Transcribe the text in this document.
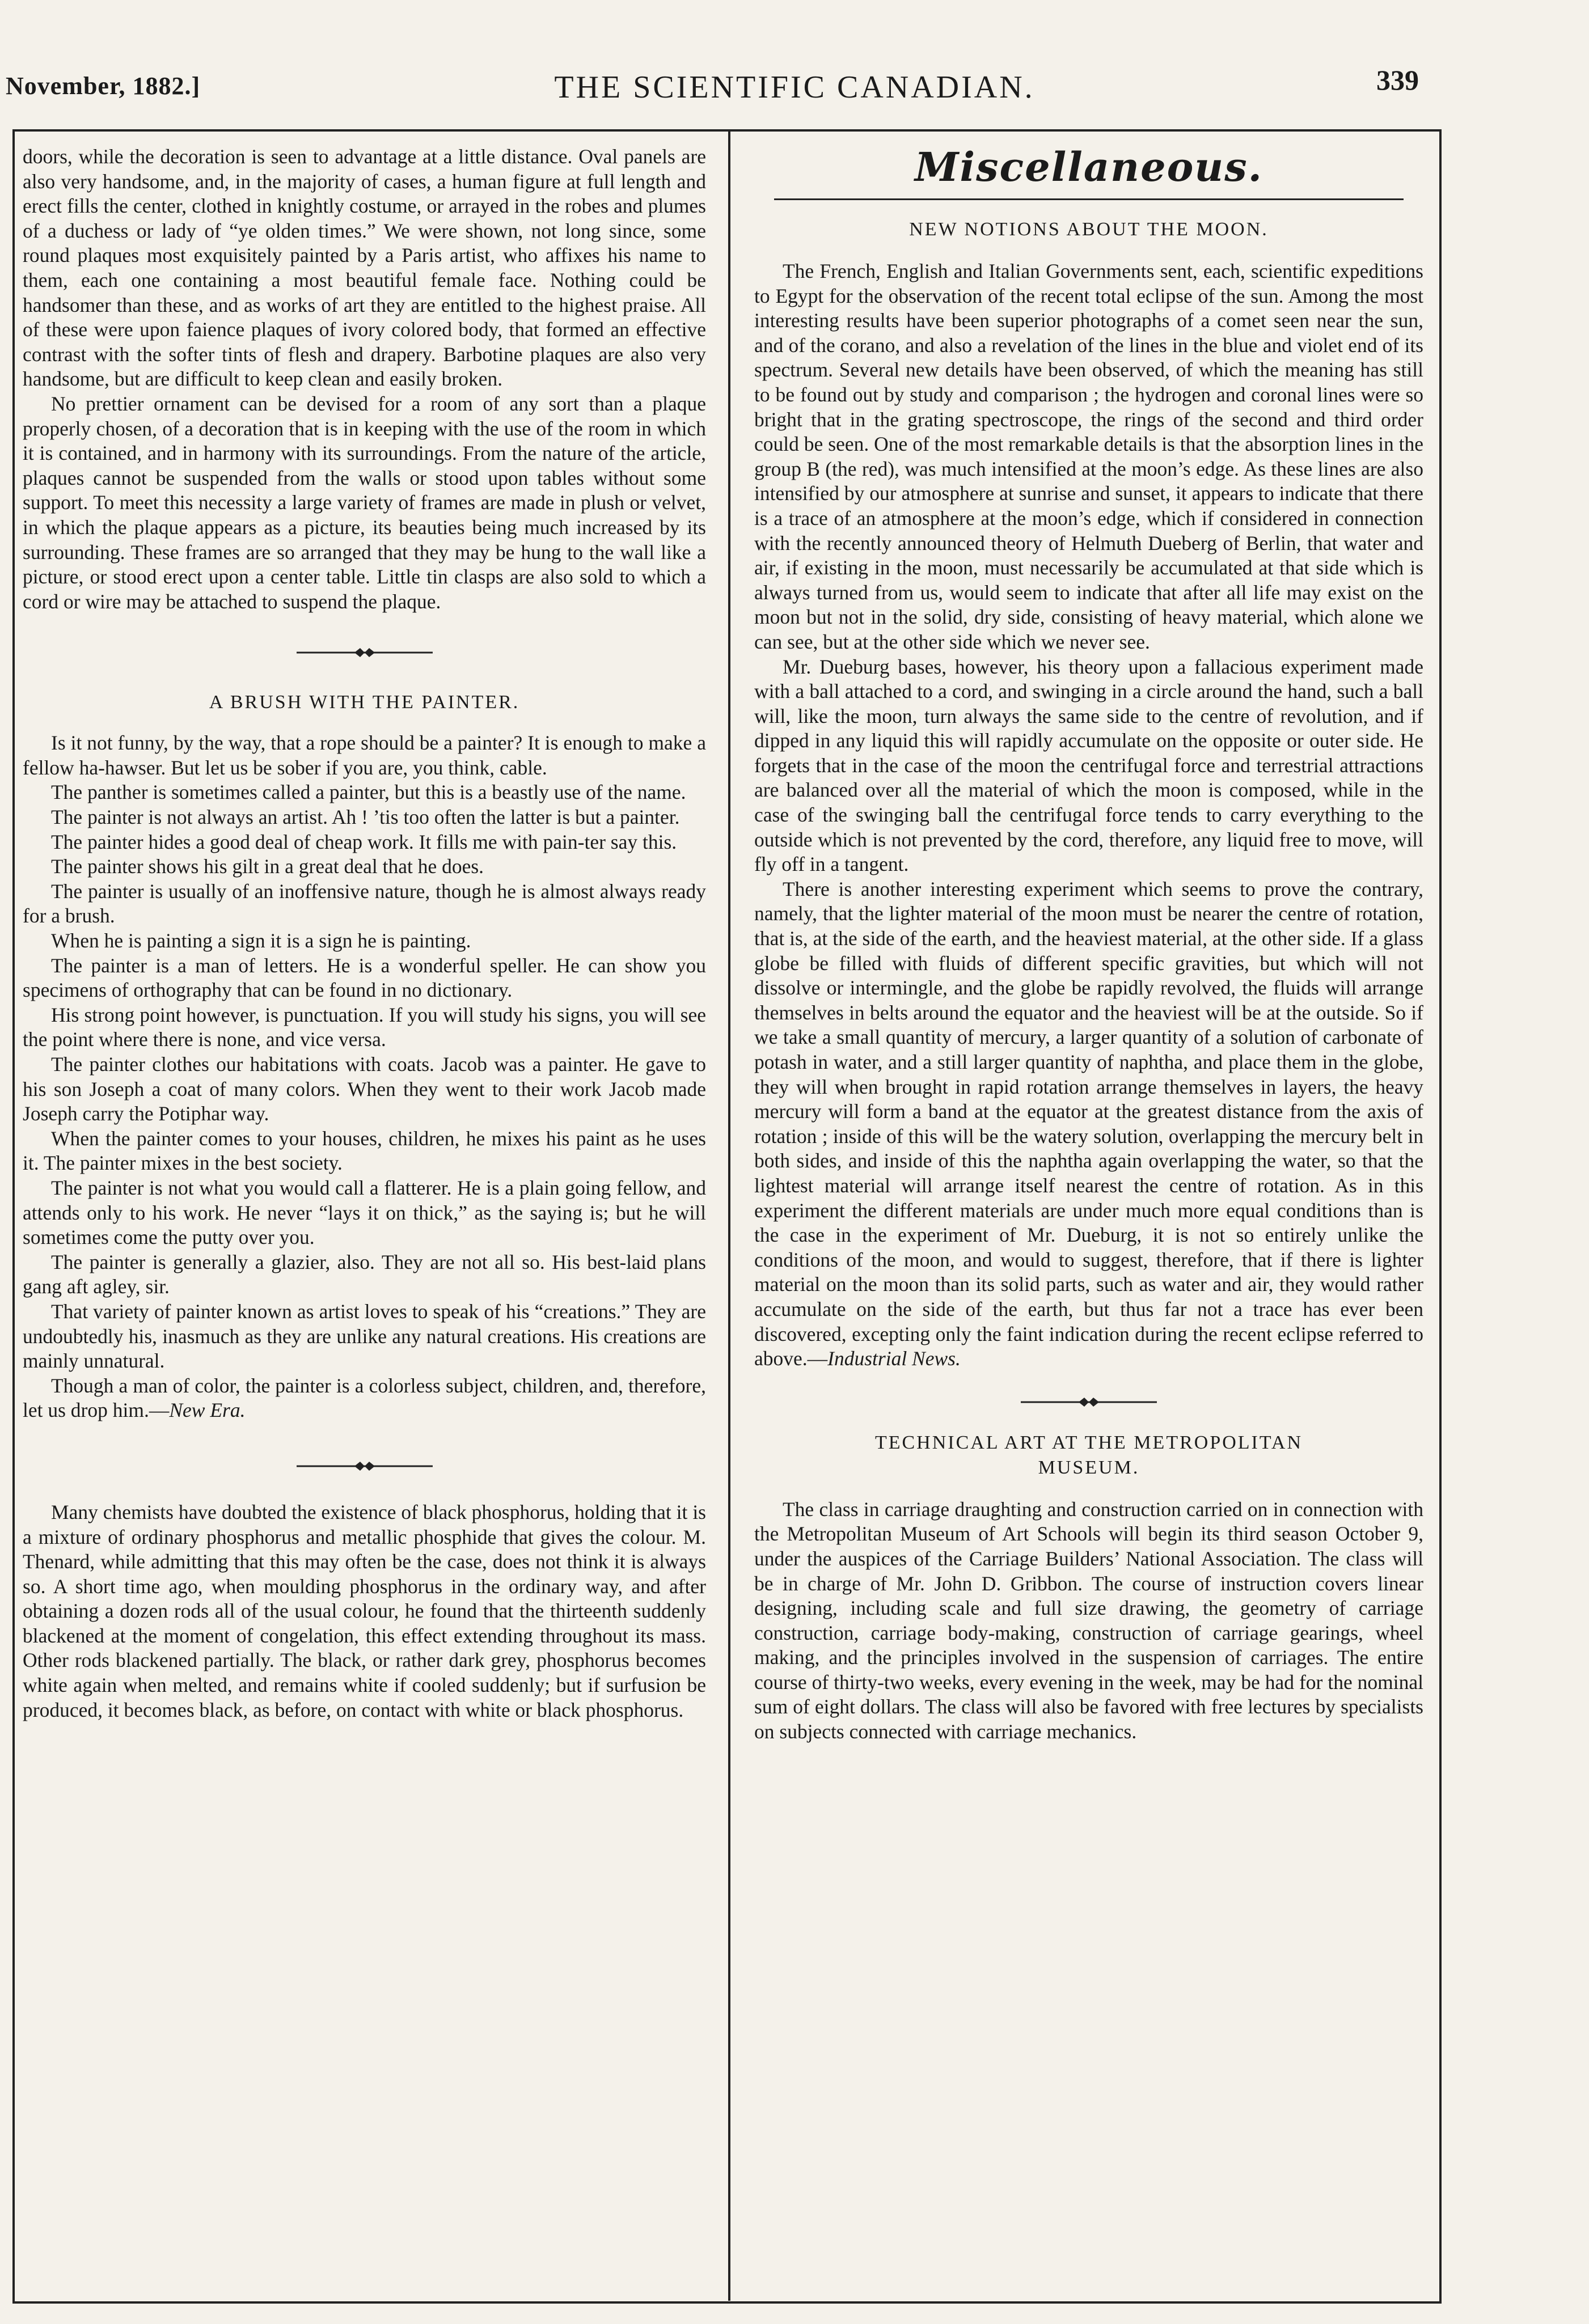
November, 1882.]	THE SCIENTIFIC CANADIAN.	339

doors, while the decoration is seen to advantage at a little distance. Oval panels are also very handsome, and, in the majority of cases, a human figure at full length and erect fills the center, clothed in knightly costume, or arrayed in the robes and plumes of a duchess or lady of “ye olden times.” We were shown, not long since, some round plaques most exquisitely painted by a Paris artist, who affixes his name to them, each one containing a most beautiful female face. Nothing could be handsomer than these, and as works of art they are entitled to the highest praise. All of these were upon faience plaques of ivory colored body, that formed an effective contrast with the softer tints of flesh and drapery. Barbotine plaques are also very handsome, but are difficult to keep clean and easily broken.

No prettier ornament can be devised for a room of any sort than a plaque properly chosen, of a decoration that is in keeping with the use of the room in which it is contained, and in harmony with its surroundings. From the nature of the article, plaques cannot be suspended from the walls or stood upon tables without some support. To meet this necessity a large variety of frames are made in plush or velvet, in which the plaque appears as a picture, its beauties being much increased by its surrounding. These frames are so arranged that they may be hung to the wall like a picture, or stood erect upon a center table. Little tin clasps are also sold to which a cord or wire may be attached to suspend the plaque.

A BRUSH WITH THE PAINTER.

Is it not funny, by the way, that a rope should be a painter? It is enough to make a fellow ha-hawser. But let us be sober if you are, you think, cable.

The panther is sometimes called a painter, but this is a beastly use of the name.

The painter is not always an artist. Ah ! ’tis too often the latter is but a painter.

The painter hides a good deal of cheap work. It fills me with pain-ter say this.

The painter shows his gilt in a great deal that he does.

The painter is usually of an inoffensive nature, though he is almost always ready for a brush.

When he is painting a sign it is a sign he is painting.

The painter is a man of letters. He is a wonderful speller. He can show you specimens of orthography that can be found in no dictionary.

His strong point however, is punctuation. If you will study his signs, you will see the point where there is none, and vice versa.

The painter clothes our habitations with coats. Jacob was a painter. He gave to his son Joseph a coat of many colors. When they went to their work Jacob made Joseph carry the Potiphar way.

When the painter comes to your houses, children, he mixes his paint as he uses it. The painter mixes in the best society.

The painter is not what you would call a flatterer. He is a plain going fellow, and attends only to his work. He never “lays it on thick,” as the saying is; but he will sometimes come the putty over you.

The painter is generally a glazier, also. They are not all so. His best-laid plans gang aft agley, sir.

That variety of painter known as artist loves to speak of his “creations.” They are undoubtedly his, inasmuch as they are unlike any natural creations. His creations are mainly unnatural.

Though a man of color, the painter is a colorless subject, children, and, therefore, let us drop him.—New Era.

Many chemists have doubted the existence of black phosphorus, holding that it is a mixture of ordinary phosphorus and metallic phosphide that gives the colour. M. Thenard, while admitting that this may often be the case, does not think it is always so. A short time ago, when moulding phosphorus in the ordinary way, and after obtaining a dozen rods all of the usual colour, he found that the thirteenth suddenly blackened at the moment of congelation, this effect extending throughout its mass. Other rods blackened partially. The black, or rather dark grey, phosphorus becomes white again when melted, and remains white if cooled suddenly; but if surfusion be produced, it becomes black, as before, on contact with white or black phosphorus.

Miscellaneous.

NEW NOTIONS ABOUT THE MOON.

The French, English and Italian Governments sent, each, scientific expeditions to Egypt for the observation of the recent total eclipse of the sun. Among the most interesting results have been superior photographs of a comet seen near the sun, and of the corano, and also a revelation of the lines in the blue and violet end of its spectrum. Several new details have been observed, of which the meaning has still to be found out by study and comparison ; the hydrogen and coronal lines were so bright that in the grating spectroscope, the rings of the second and third order could be seen. One of the most remarkable details is that the absorption lines in the group B (the red), was much intensified at the moon’s edge. As these lines are also intensified by our atmosphere at sunrise and sunset, it appears to indicate that there is a trace of an atmosphere at the moon’s edge, which if considered in connection with the recently announced theory of Helmuth Dueberg of Berlin, that water and air, if existing in the moon, must necessarily be accumulated at that side which is always turned from us, would seem to indicate that after all life may exist on the moon but not in the solid, dry side, consisting of heavy material, which alone we can see, but at the other side which we never see.

Mr. Dueburg bases, however, his theory upon a fallacious experiment made with a ball attached to a cord, and swinging in a circle around the hand, such a ball will, like the moon, turn always the same side to the centre of revolution, and if dipped in any liquid this will rapidly accumulate on the opposite or outer side. He forgets that in the case of the moon the centrifugal force and terrestrial attractions are balanced over all the material of which the moon is composed, while in the case of the swinging ball the centrifugal force tends to carry everything to the outside which is not prevented by the cord, therefore, any liquid free to move, will fly off in a tangent.

There is another interesting experiment which seems to prove the contrary, namely, that the lighter material of the moon must be nearer the centre of rotation, that is, at the side of the earth, and the heaviest material, at the other side. If a glass globe be filled with fluids of different specific gravities, but which will not dissolve or intermingle, and the globe be rapidly revolved, the fluids will arrange themselves in belts around the equator and the heaviest will be at the outside. So if we take a small quantity of mercury, a larger quantity of a solution of carbonate of potash in water, and a still larger quantity of naphtha, and place them in the globe, they will when brought in rapid rotation arrange themselves in layers, the heavy mercury will form a band at the equator at the greatest distance from the axis of rotation ; inside of this will be the watery solution, overlapping the mercury belt in both sides, and inside of this the naphtha again overlapping the water, so that the lightest material will arrange itself nearest the centre of rotation. As in this experiment the different materials are under much more equal conditions than is the case in the experiment of Mr. Dueburg, it is not so entirely unlike the conditions of the moon, and would to suggest, therefore, that if there is lighter material on the moon than its solid parts, such as water and air, they would rather accumulate on the side of the earth, but thus far not a trace has ever been discovered, excepting only the faint indication during the recent eclipse referred to above.—Industrial News.

TECHNICAL ART AT THE METROPOLITAN

MUSEUM.

The class in carriage draughting and construction carried on in connection with the Metropolitan Museum of Art Schools will begin its third season October 9, under the auspices of the Carriage Builders’ National Association. The class will be in charge of Mr. John D. Gribbon. The course of instruction covers linear designing, including scale and full size drawing, the geometry of carriage construction, carriage body-making, construction of carriage gearings, wheel making, and the principles involved in the suspension of carriages. The entire course of thirty-two weeks, every evening in the week, may be had for the nominal sum of eight dollars. The class will also be favored with free lectures by specialists on subjects connected with carriage mechanics.
